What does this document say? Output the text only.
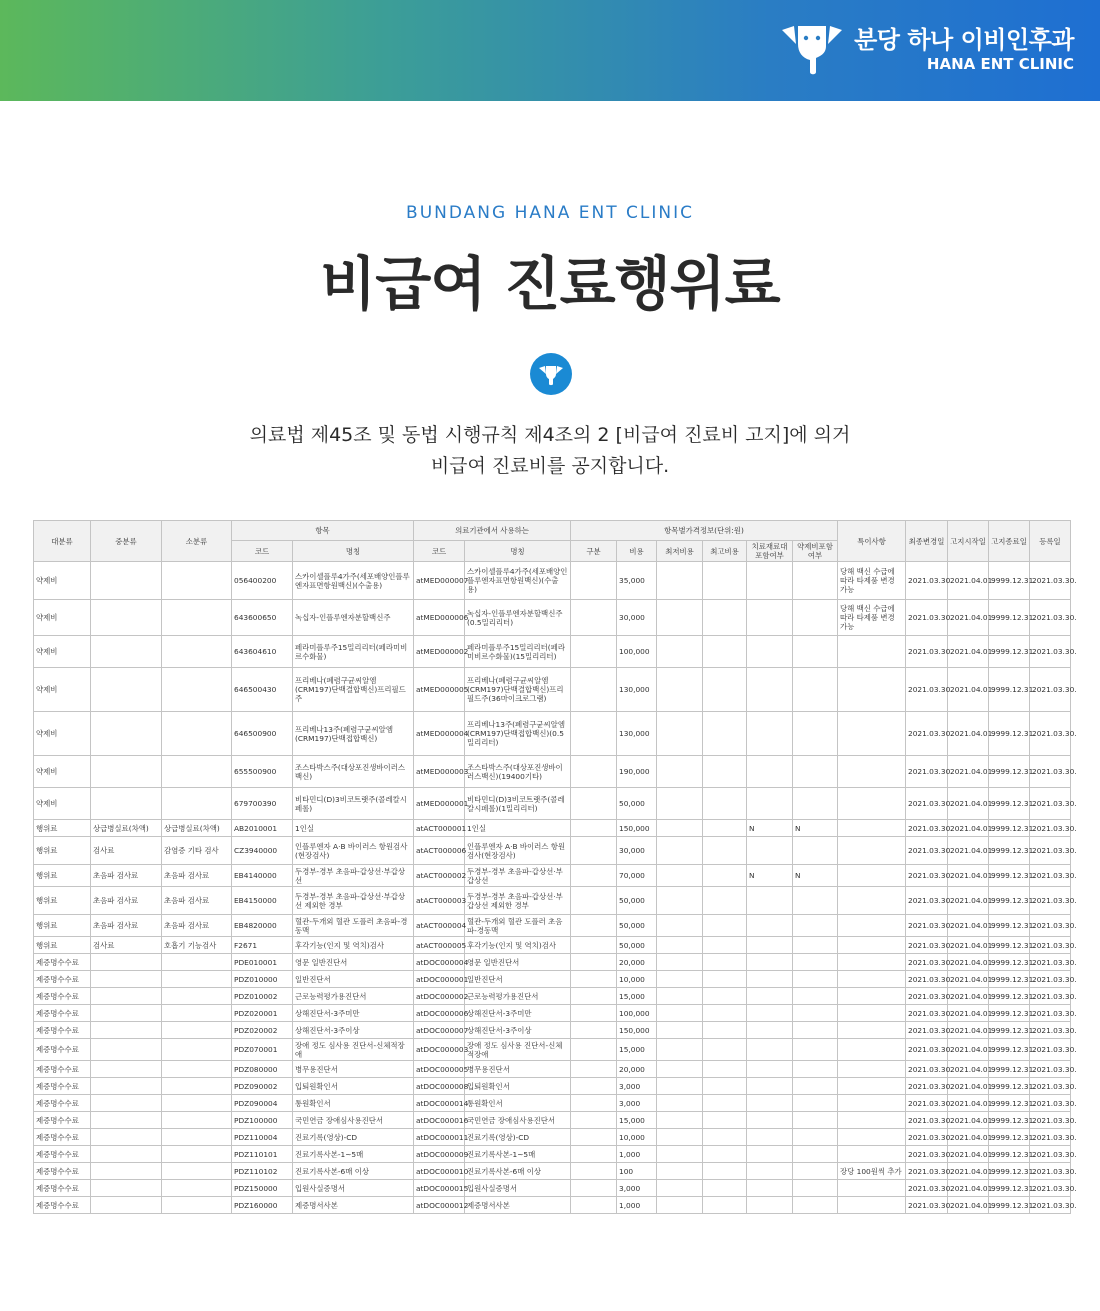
분당 하나 이비인후과
HANA ENT CLINIC
BUNDANG HANA ENT CLINIC
비급여 진료행위료
의료법 제45조 및 동법 시행규칙 제4조의 2 [비급여 진료비 고지]에 의거
비급여 진료비를 공지합니다.
대분류	중분류	소분류	항목		의료기관에서 사용하는		항목별가격정보(단위:원)						특이사항	최종변경일	고지시작일	고지종료일	등록일
			코드	명칭	코드	명칭	구분	비용	최저비용	최고비용	치료재료대 포함여부	약제비포함 여부					
약제비			056400200	스카이셀플루4가주(세포배양인플루엔자표면항원백신)(수출용)	atMED000007	스카이셀플루4가주(세포배양인플루엔자표면항원백신)(수출용)		35,000					당해 백신 수급에 따라 타제품 변경 가능	2021.03.30.	2021.04.01.	9999.12.31.	2021.03.30.
약제비			643600650	녹십자-인플루엔자분할백신주	atMED000006	녹십자-인플루엔자분할백신주(0.5밀리리터)		30,000					당해 백신 수급에 따라 타제품 변경 가능	2021.03.30.	2021.04.01.	9999.12.31.	2021.03.30.
약제비			643604610	페라미플루주15밀리리터(페라미비르수화물)	atMED000002	페라미플루주15밀리리터(페라미비르수화물)(15밀리리터)		100,000						2021.03.30.	2021.04.01.	9999.12.31.	2021.03.30.
약제비			646500430	프리베나(폐렴구균씨알엠(CRM197)단백결합백신)프리필드주	atMED000005	프리베나(폐렴구균씨알엠(CRM197)단백결합백신)프리필드주(36마이크로그램)		130,000						2021.03.30.	2021.04.01.	9999.12.31.	2021.03.30.
약제비			646500900	프리베나13주(폐렴구균씨알엠(CRM197)단백접합백신)	atMED000004	프리베나13주(폐렴구균씨알엠(CRM197)단백접합백신)(0.5밀리리터)		130,000						2021.03.30.	2021.04.01.	9999.12.31.	2021.03.30.
약제비			655500900	조스타박스주(대상포진생바이러스백신)	atMED000003	조스타박스주(대상포진생바이러스백신)(19400기타)		190,000						2021.03.30.	2021.04.01.	9999.12.31.	2021.03.30.
약제비			679700390	비타민디(D)3비코트랫주(콜레칼시페롤)	atMED000001	비타민디(D)3비코트랫주(콜레칼시페롤)(1밀리리터)		50,000						2021.03.30.	2021.04.01.	9999.12.31.	2021.03.30.
행위료	상급병실료(차액)	상급병실료(차액)	AB2010001	1인실	atACT000001	1인실		150,000			N	N		2021.03.30.	2021.04.01.	9999.12.31.	2021.03.30.
행위료	검사료	감염증 기타 검사	CZ3940000	인플루엔자 A·B 바이러스 항원검사(현장검사)	atACT000006	인플루엔자 A·B 바이러스 항원검사(현장검사)		30,000						2021.03.30.	2021.04.01.	9999.12.31.	2021.03.30.
행위료	초음파 검사료	초음파 검사료	EB4140000	두경부-경부 초음파-갑상선·부갑상선	atACT000002	두경부-경부 초음파-갑상선·부갑상선		70,000			N	N		2021.03.30.	2021.04.01.	9999.12.31.	2021.03.30.
행위료	초음파 검사료	초음파 검사료	EB4150000	두경부-경부 초음파-갑상선·부갑상선 제외한 경부	atACT000003	두경부-경부 초음파-갑상선·부갑상선 제외한 경부		50,000						2021.03.30.	2021.04.01.	9999.12.31.	2021.03.30.
행위료	초음파 검사료	초음파 검사료	EB4820000	혈관-두개외 혈관 도플러 초음파-경동맥	atACT000004	혈관-두개외 혈관 도플러 초음파-경동맥		50,000						2021.03.30.	2021.04.01.	9999.12.31.	2021.03.30.
행위료	검사료	호흡기 기능검사	F2671	후각기능(인지 및 역치)검사	atACT000005	후각기능(인지 및 역치)검사		50,000						2021.03.30.	2021.04.01.	9999.12.31.	2021.03.30.
제증명수수료			PDE010001	영문 일반진단서	atDOC000004	영문 일반진단서		20,000						2021.03.30.	2021.04.01.	9999.12.31.	2021.03.30.
제증명수수료			PDZ010000	일반진단서	atDOC000001	일반진단서		10,000						2021.03.30.	2021.04.01.	9999.12.31.	2021.03.30.
제증명수수료			PDZ010002	근로능력평가용진단서	atDOC000002	근로능력평가용진단서		15,000						2021.03.30.	2021.04.01.	9999.12.31.	2021.03.30.
제증명수수료			PDZ020001	상해진단서-3주미만	atDOC000006	상해진단서-3주미만		100,000						2021.03.30.	2021.04.01.	9999.12.31.	2021.03.30.
제증명수수료			PDZ020002	상해진단서-3주이상	atDOC000007	상해진단서-3주이상		150,000						2021.03.30.	2021.04.01.	9999.12.31.	2021.03.30.
제증명수수료			PDZ070001	장애 정도 심사용 진단서-신체적장애	atDOC000003	장애 정도 심사용 진단서-신체적장애		15,000						2021.03.30.	2021.04.01.	9999.12.31.	2021.03.30.
제증명수수료			PDZ080000	병무용진단서	atDOC000005	병무용진단서		20,000						2021.03.30.	2021.04.01.	9999.12.31.	2021.03.30.
제증명수수료			PDZ090002	입퇴원확인서	atDOC000008	입퇴원확인서		3,000						2021.03.30.	2021.04.01.	9999.12.31.	2021.03.30.
제증명수수료			PDZ090004	통원확인서	atDOC000014	통원확인서		3,000						2021.03.30.	2021.04.01.	9999.12.31.	2021.03.30.
제증명수수료			PDZ100000	국민연금 장애심사용진단서	atDOC000016	국민연금 장애심사용진단서		15,000						2021.03.30.	2021.04.01.	9999.12.31.	2021.03.30.
제증명수수료			PDZ110004	진료기록(영상)-CD	atDOC000011	진료기록(영상)-CD		10,000						2021.03.30.	2021.04.01.	9999.12.31.	2021.03.30.
제증명수수료			PDZ110101	진료기록사본-1~5매	atDOC000009	진료기록사본-1~5매		1,000						2021.03.30.	2021.04.01.	9999.12.31.	2021.03.30.
제증명수수료			PDZ110102	진료기록사본-6매 이상	atDOC000010	진료기록사본-6매 이상		100					장당 100원씩 추가	2021.03.30.	2021.04.01.	9999.12.31.	2021.03.30.
제증명수수료			PDZ150000	입원사실증명서	atDOC000015	입원사실증명서		3,000						2021.03.30.	2021.04.01.	9999.12.31.	2021.03.30.
제증명수수료			PDZ160000	제증명서사본	atDOC000012	제증명서사본		1,000						2021.03.30.	2021.04.01.	9999.12.31.	2021.03.30.
